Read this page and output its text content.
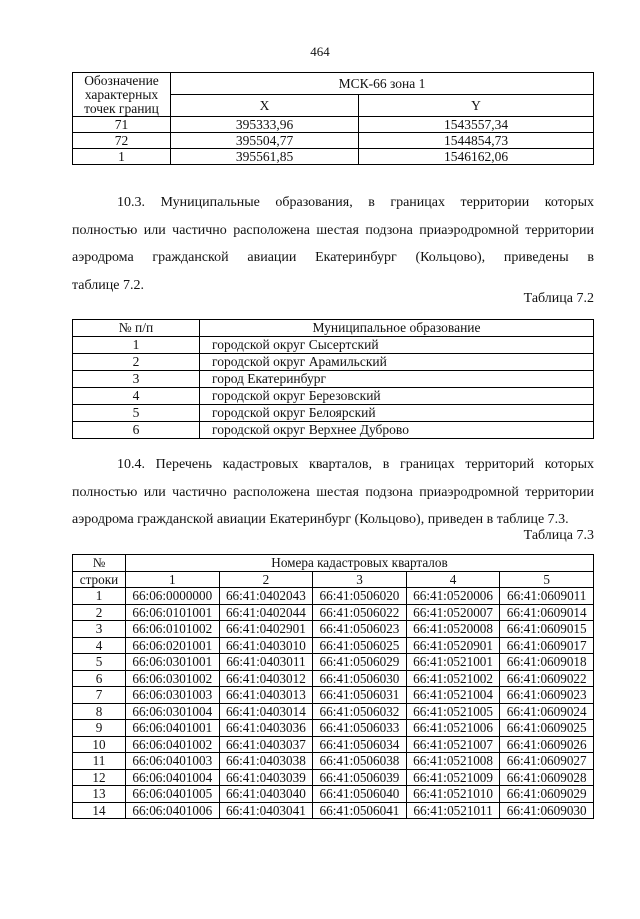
464
Обозначение
характерных
точек границ	МСК-66 зона 1	
	X	Y
71	395333,96	1543557,34
72	395504,77	1544854,73
1	395561,85	1546162,06
10.3. Муниципальные образования, в границах территории которых
полностью или частично расположена шестая подзона приаэродромной территории
аэродрома гражданской авиации Екатеринбург (Кольцово), приведены в
таблице 7.2.
Таблица 7.2
№ п/п	Муниципальное образование
1	городской округ Сысертский
2	городской округ Арамильский
3	город Екатеринбург
4	городской округ Березовский
5	городской округ Белоярский
6	городской округ Верхнее Дуброво
10.4. Перечень кадастровых кварталов, в границах территорий которых
полностью или частично расположена шестая подзона приаэродромной территории
аэродрома гражданской авиации Екатеринбург (Кольцово), приведен в таблице 7.3.
Таблица 7.3
№	Номера кадастровых кварталов				
строки	1	2	3	4	5
1	66:06:0000000	66:41:0402043	66:41:0506020	66:41:0520006	66:41:0609011
2	66:06:0101001	66:41:0402044	66:41:0506022	66:41:0520007	66:41:0609014
3	66:06:0101002	66:41:0402901	66:41:0506023	66:41:0520008	66:41:0609015
4	66:06:0201001	66:41:0403010	66:41:0506025	66:41:0520901	66:41:0609017
5	66:06:0301001	66:41:0403011	66:41:0506029	66:41:0521001	66:41:0609018
6	66:06:0301002	66:41:0403012	66:41:0506030	66:41:0521002	66:41:0609022
7	66:06:0301003	66:41:0403013	66:41:0506031	66:41:0521004	66:41:0609023
8	66:06:0301004	66:41:0403014	66:41:0506032	66:41:0521005	66:41:0609024
9	66:06:0401001	66:41:0403036	66:41:0506033	66:41:0521006	66:41:0609025
10	66:06:0401002	66:41:0403037	66:41:0506034	66:41:0521007	66:41:0609026
11	66:06:0401003	66:41:0403038	66:41:0506038	66:41:0521008	66:41:0609027
12	66:06:0401004	66:41:0403039	66:41:0506039	66:41:0521009	66:41:0609028
13	66:06:0401005	66:41:0403040	66:41:0506040	66:41:0521010	66:41:0609029
14	66:06:0401006	66:41:0403041	66:41:0506041	66:41:0521011	66:41:0609030
